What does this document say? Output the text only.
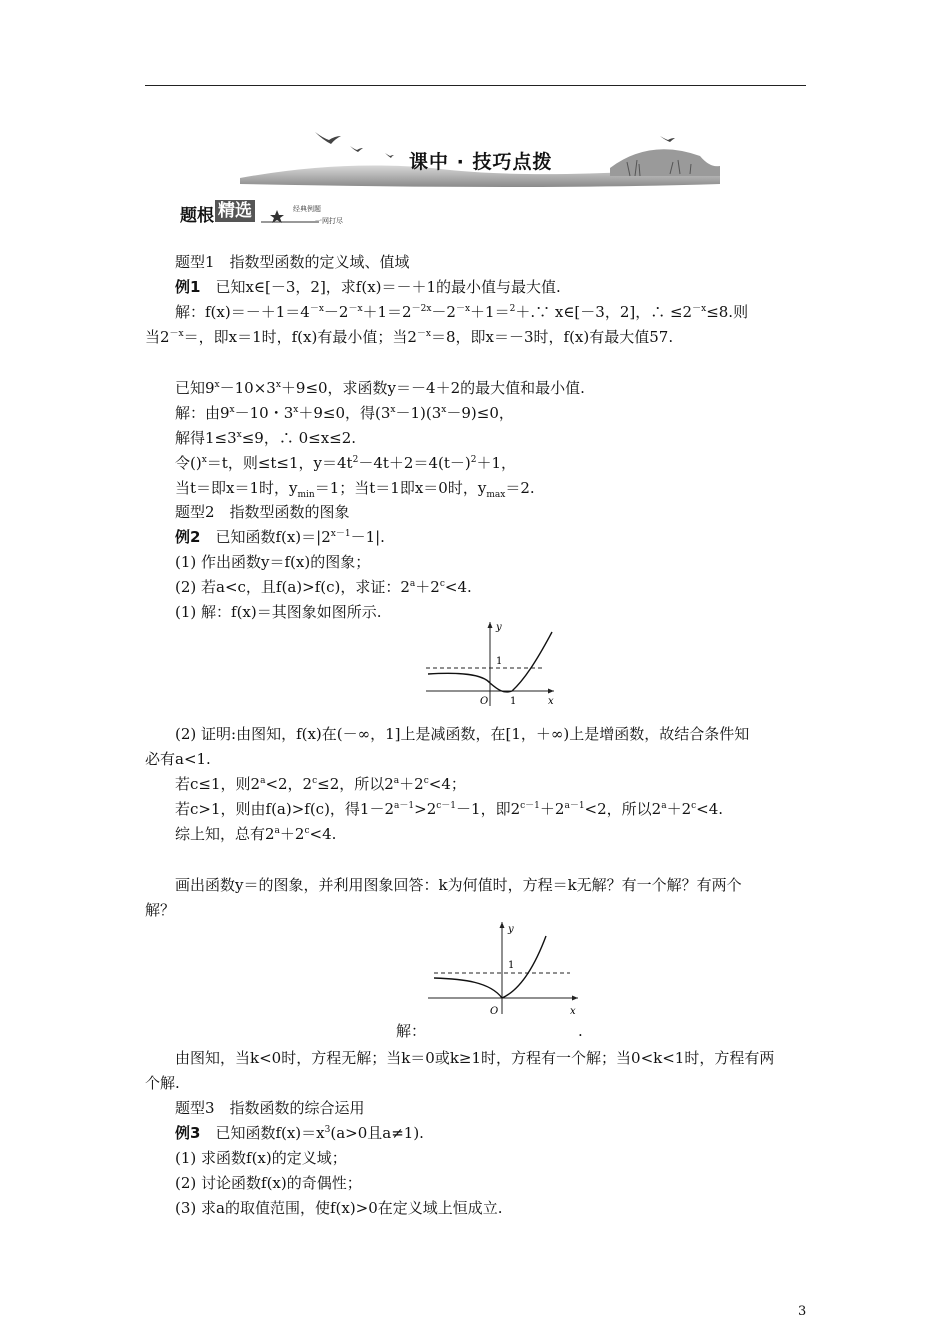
课中 · 技巧点拨
题根 精选	经典例题
一网打尽
题型1　指数型函数的定义域、值域
例1　已知x∈[－3，2]，求f(x)＝－＋1的最小值与最大值.
解：$f(x)=-+1=4^{-x}-2^{-x}+1=2^{-2x}-2^{-x}+1=^2+.\because$ x∈[－3，2]，∴ $\le 2^{-x}\le 8$.则
当$2^{-x}=$，即x＝1时，f(x)有最小值；当$2^{-x}=8$，即x＝－3时，f(x)有最大值57.
已知$9^x-10\times 3^x+9\le 0$，求函数y＝－4＋2的最大值和最小值.
解：由$9^x-10$・$3^x+9\le 0$，得$(3^x-1)(3^x-9)\le 0$，
解得$1\le 3^x\le 9$，∴ 0≤x≤2.
令()$^x$＝t，则≤t≤1，$y=4t^2-4t+2=4(t-)^2+1$，
当t＝即x＝1时，$y_{min}=1$；当t＝1即x＝0时，$y_{max}=2$.
题型2　指数型函数的图象
例2　已知函数$f(x)=|2^{x-1}-1|$.
(1) 作出函数y＝f(x)的图象；
(2) 若a<c，且f(a)>f(c)，求证：$2^a+2^c<4$.
(1) 解：f(x)＝其图象如图所示.
y
x
1
O 1
(2) 证明:由图知，f(x)在(－∞，1]上是减函数，在[1，＋∞)上是增函数，故结合条件知
必有a<1.
若c≤1，则$2^a<2$，$2^c\le 2$，所以$2^a+2^c<4$；
若c>1，则由f(a)>f(c)，得$1-2^{a-1}>2^{c-1}-1$，即$2^{c-1}+2^{a-1}<2$，所以$2^a+2^c<4$.
综上知，总有$2^a+2^c<4$.
画出函数y＝的图象，并利用图象回答：k为何值时，方程＝k无解？有一个解？有两个
解？
y
x
1
O
解：	.
由图知，当k<0时，方程无解；当k＝0或k≥1时，方程有一个解；当0<k<1时，方程有两
个解.
题型3　指数函数的综合运用
例3　已知函数$f(x)=x^3(a>0$且a≠1).
(1) 求函数f(x)的定义域；
(2) 讨论函数f(x)的奇偶性；
(3) 求a的取值范围，使f(x)>0在定义域上恒成立.
3
